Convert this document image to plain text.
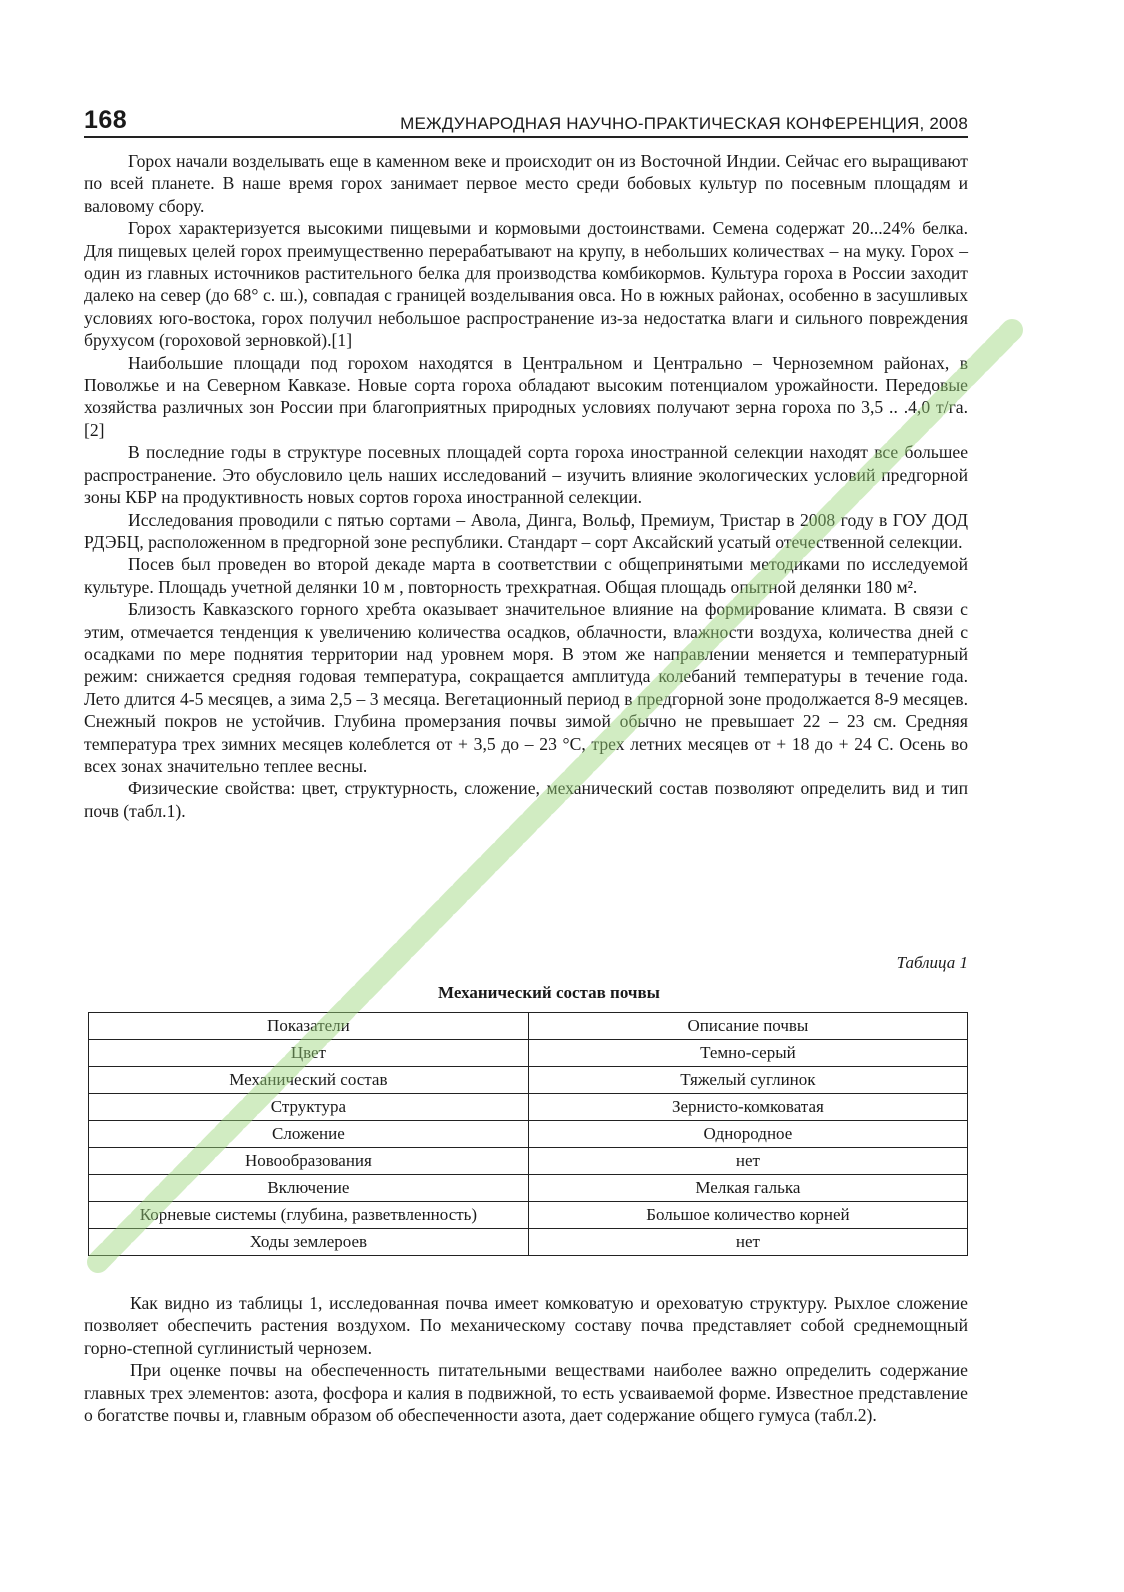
168	МЕЖДУНАРОДНАЯ НАУЧНО-ПРАКТИЧЕСКАЯ КОНФЕРЕНЦИЯ, 2008

Горох начали возделывать еще в каменном веке и происходит он из Восточной Индии. Сейчас его выращивают по всей планете. В наше время горох занимает первое место среди бобовых культур по посевным площадям и валовому сбору.

Горох характеризуется высокими пищевыми и кормовыми достоинствами. Семена содержат 20...24% белка. Для пищевых целей горох преимущественно перерабатывают на крупу, в небольших количествах – на муку. Горох – один из главных источников растительного белка для производства комбикормов. Культура гороха в России заходит далеко на север (до 68° с. ш.), совпадая с границей возделывания овса. Но в южных районах, особенно в засушливых условиях юго-востока, горох получил небольшое распространение из-за недостатка влаги и сильного повреждения брухусом (гороховой зерновкой).[1]

Наибольшие площади под горохом находятся в Центральном и Центрально – Черноземном районах, в Поволжье и на Северном Кавказе. Новые сорта гороха обладают высоким потенциалом урожайности. Передовые хозяйства различных зон России при благоприятных природных условиях получают зерна гороха по 3,5 .. .4,0 т/га. [2]

В последние годы в структуре посевных площадей сорта гороха иностранной селекции находят все большее распространение. Это обусловило цель наших исследований – изучить влияние экологических условий предгорной зоны КБР на продуктивность новых сортов гороха иностранной селекции.

Исследования проводили с пятью сортами – Авола, Динга, Вольф, Премиум, Тристар в 2008 году в ГОУ ДОД РДЭБЦ, расположенном в предгорной зоне республики. Стандарт – сорт Аксайский усатый отечественной селекции.

Посев был проведен во второй декаде марта в соответствии с общепринятыми методиками по исследуемой культуре. Площадь учетной делянки 10 м , повторность трехкратная. Общая площадь опытной делянки 180 м².

Близость Кавказского горного хребта оказывает значительное влияние на формирование климата. В связи с этим, отмечается тенденция к увеличению количества осадков, облачности, влажности воздуха, количества дней с осадками по мере поднятия территории над уровнем моря. В этом же направлении меняется и температурный режим: снижается средняя годовая температура, сокращается амплитуда колебаний температуры в течение года. Лето длится 4-5 месяцев, а зима 2,5 – 3 месяца. Вегетационный период в предгорной зоне продолжается 8-9 месяцев. Снежный покров не устойчив. Глубина промерзания почвы зимой обычно не превышает 22 – 23 см. Средняя температура трех зимних месяцев колеблется от + 3,5 до – 23 °С, трех летних месяцев от + 18 до + 24 С. Осень во всех зонах значительно теплее весны.

Физические свойства: цвет, структурность, сложение, механический состав позволяют определить вид и тип почв (табл.1).

Таблица 1
Механический состав почвы
Показатели	Описание почвы
Цвет	Темно-серый
Механический состав	Тяжелый суглинок
Структура	Зернисто-комковатая
Сложение	Однородное
Новообразования	нет
Включение	Мелкая галька
Корневые системы (глубина, разветвленность)	Большое количество корней
Ходы землероев	нет

Как видно из таблицы 1, исследованная почва имеет комковатую и ореховатую структуру. Рыхлое сложение позволяет обеспечить растения воздухом. По механическому составу почва представляет собой среднемощный горно-степной суглинистый чернозем.

При оценке почвы на обеспеченность питательными веществами наиболее важно определить содержание главных трех элементов: азота, фосфора и калия в подвижной, то есть усваиваемой форме. Известное представление о богатстве почвы и, главным образом об обеспеченности азота, дает содержание общего гумуса (табл.2).
